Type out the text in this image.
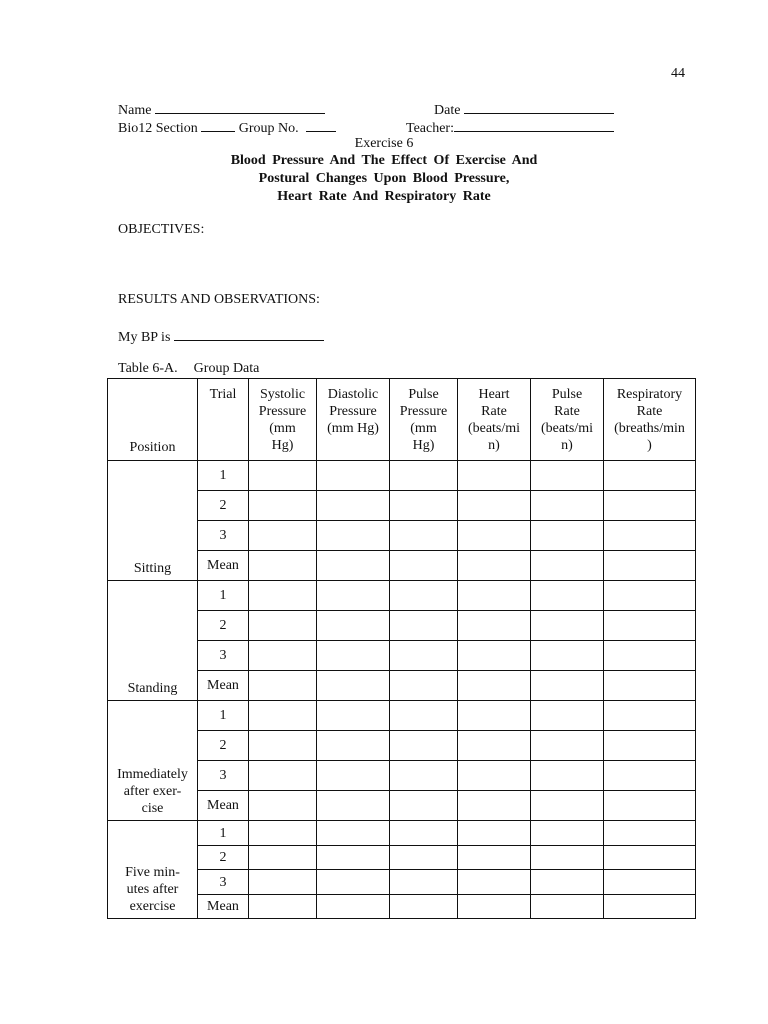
44
Name	Date
Bio12 Section	Group No.	Teacher:
Exercise 6
Blood Pressure And The Effect Of Exercise And
Postural Changes Upon Blood Pressure,
Heart Rate And Respiratory Rate
OBJECTIVES:
RESULTS AND OBSERVATIONS:
My BP is
Table 6-A. Group Data
Position	Trial	Systolic
Pressure
(mm
Hg)	Diastolic
Pressure
(mm Hg)	Pulse
Pressure
(mm
Hg)	Heart
Rate
(beats/mi
n)	Pulse
Rate
(beats/mi
n)	Respiratory
Rate
(breaths/min
)
Sitting	1						
	2						
	3						
	Mean						
Standing	1						
	2						
	3						
	Mean						
Immediately
after exer-
cise	1						
	2						
	3						
	Mean						
Five min-
utes after
exercise	1						
	2						
	3						
	Mean						
